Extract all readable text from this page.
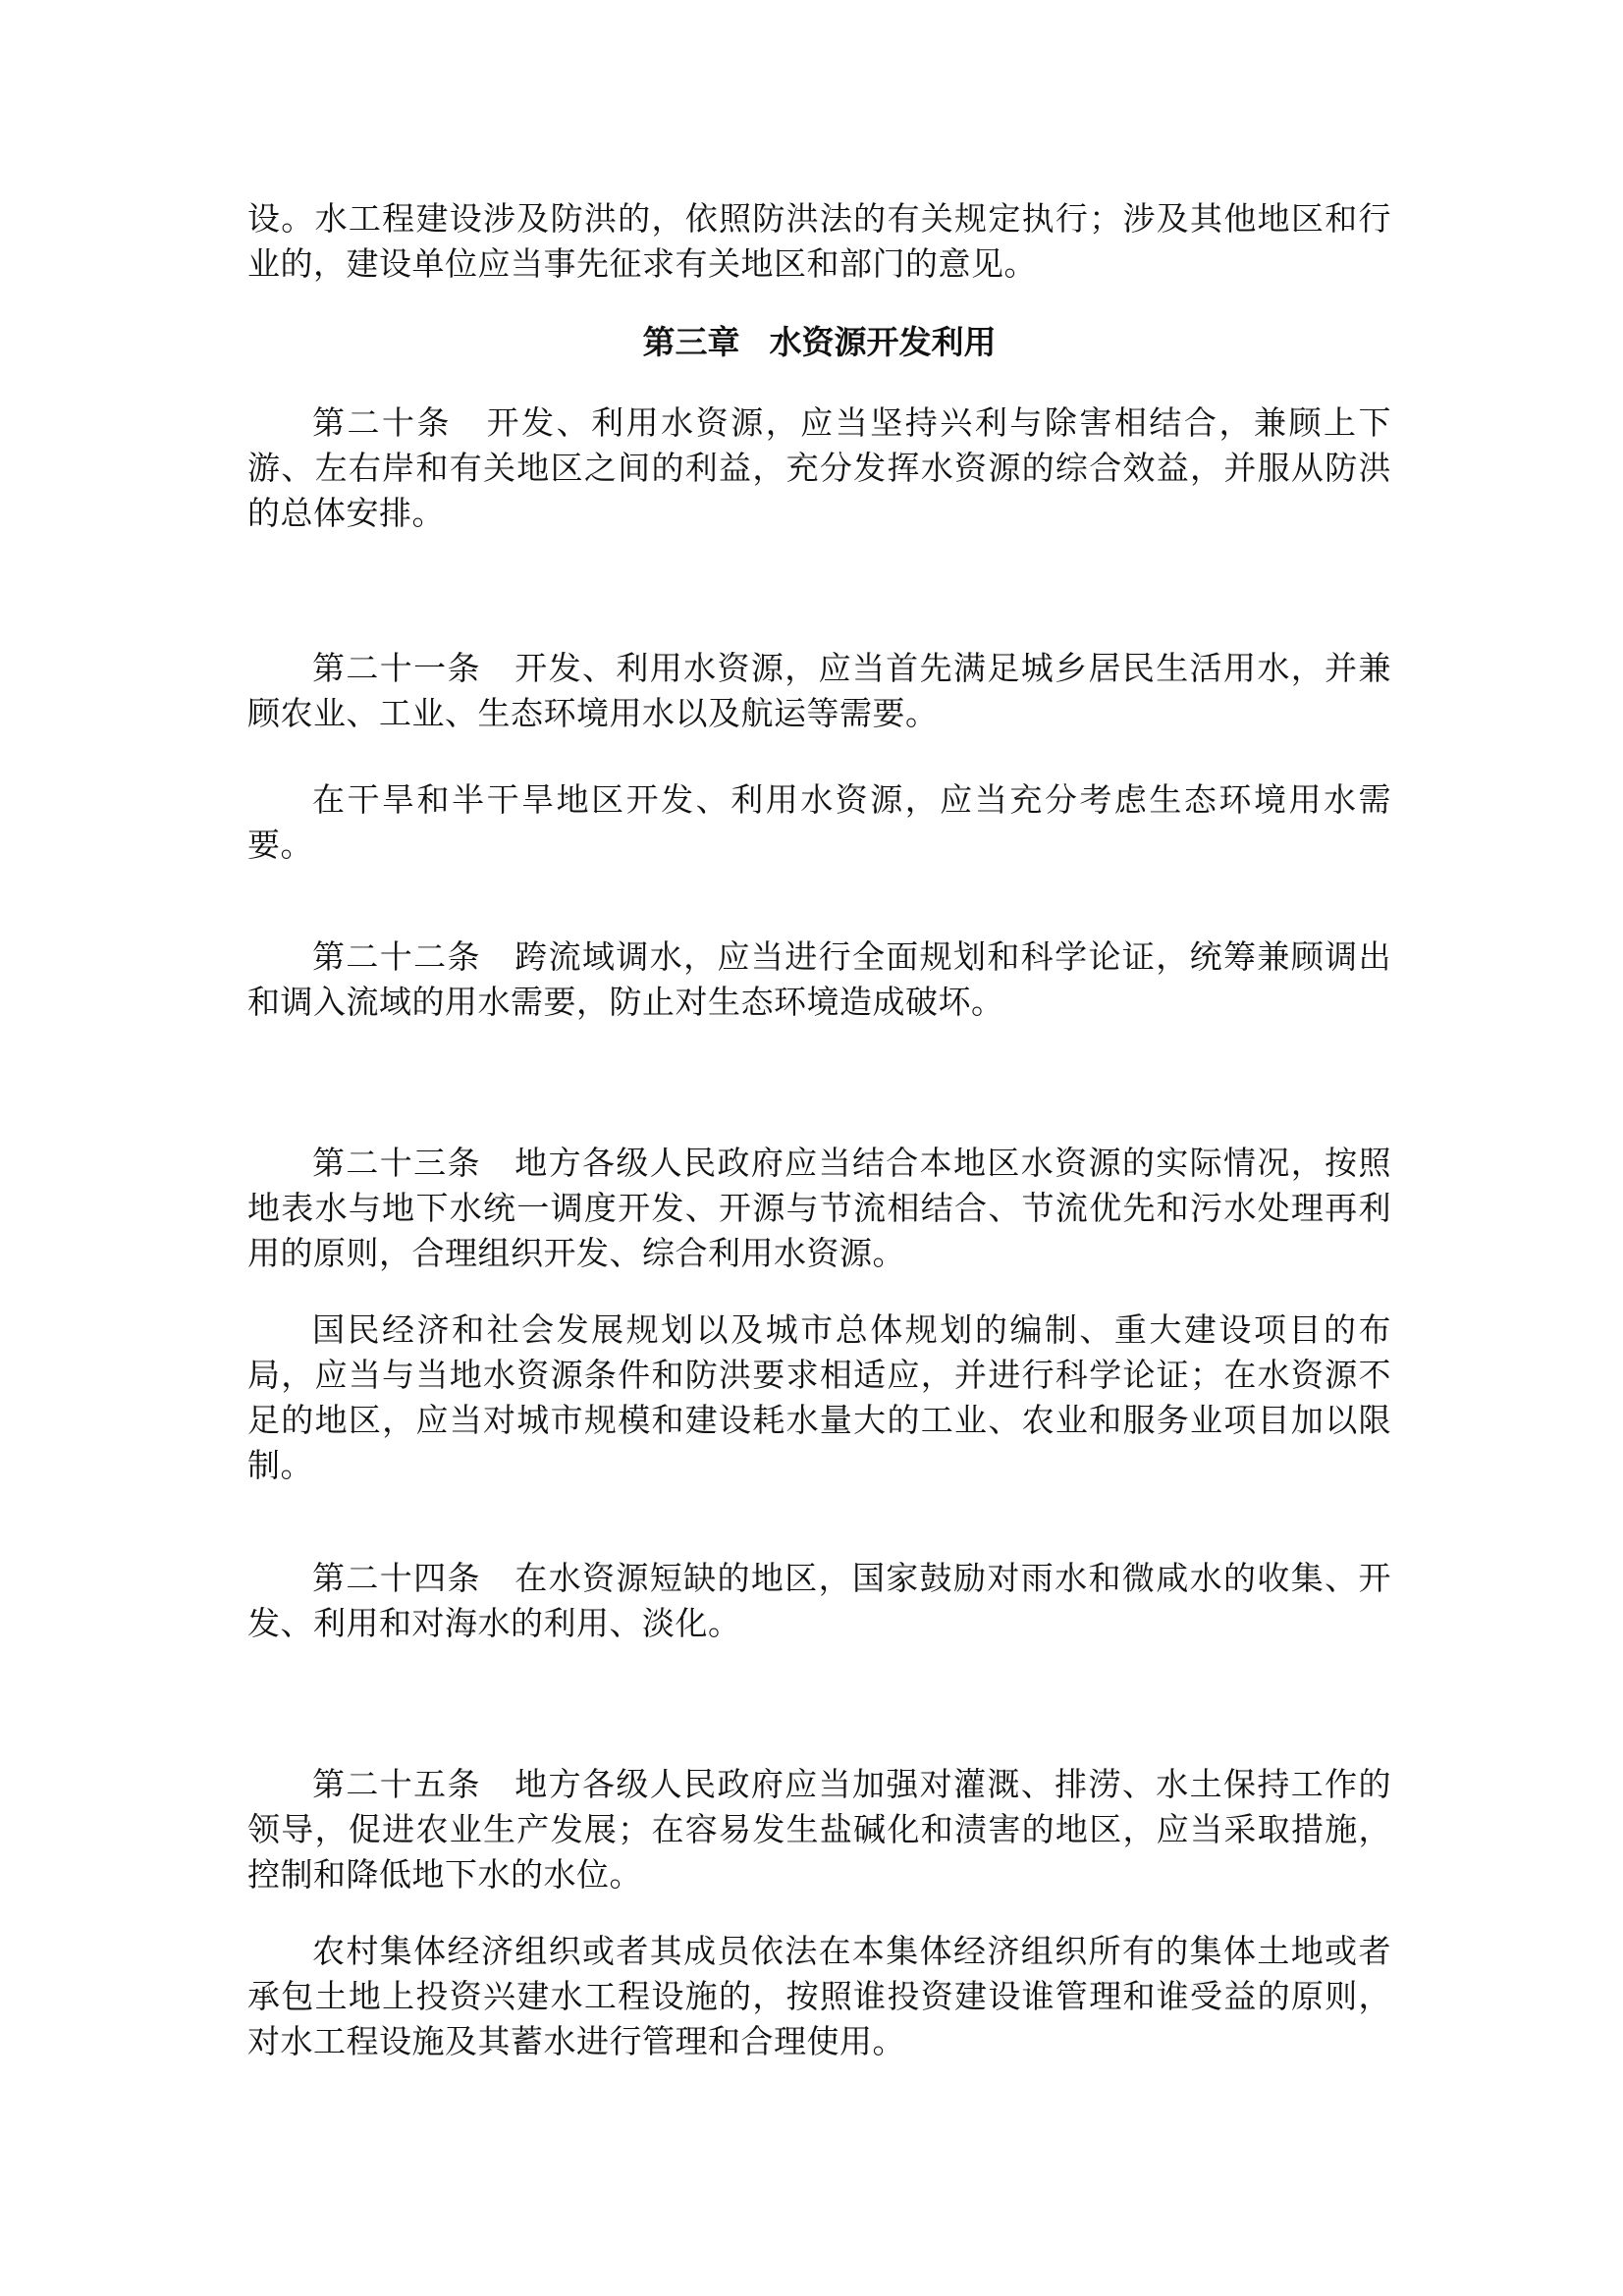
设。水工程建设涉及防洪的，依照防洪法的有关规定执行；涉及其他地区和行业的，建设单位应当事先征求有关地区和部门的意见。

第三章 水资源开发利用

第二十条  开发、利用水资源，应当坚持兴利与除害相结合，兼顾上下游、左右岸和有关地区之间的利益，充分发挥水资源的综合效益，并服从防洪的总体安排。

第二十一条  开发、利用水资源，应当首先满足城乡居民生活用水，并兼顾农业、工业、生态环境用水以及航运等需要。

在干旱和半干旱地区开发、利用水资源，应当充分考虑生态环境用水需要。

第二十二条  跨流域调水，应当进行全面规划和科学论证，统筹兼顾调出和调入流域的用水需要，防止对生态环境造成破坏。

第二十三条  地方各级人民政府应当结合本地区水资源的实际情况，按照地表水与地下水统一调度开发、开源与节流相结合、节流优先和污水处理再利用的原则，合理组织开发、综合利用水资源。

国民经济和社会发展规划以及城市总体规划的编制、重大建设项目的布局，应当与当地水资源条件和防洪要求相适应，并进行科学论证；在水资源不足的地区，应当对城市规模和建设耗水量大的工业、农业和服务业项目加以限制。

第二十四条  在水资源短缺的地区，国家鼓励对雨水和微咸水的收集、开发、利用和对海水的利用、淡化。

第二十五条  地方各级人民政府应当加强对灌溉、排涝、水土保持工作的领导，促进农业生产发展；在容易发生盐碱化和渍害的地区，应当采取措施，控制和降低地下水的水位。

农村集体经济组织或者其成员依法在本集体经济组织所有的集体土地或者承包土地上投资兴建水工程设施的，按照谁投资建设谁管理和谁受益的原则，对水工程设施及其蓄水进行管理和合理使用。
